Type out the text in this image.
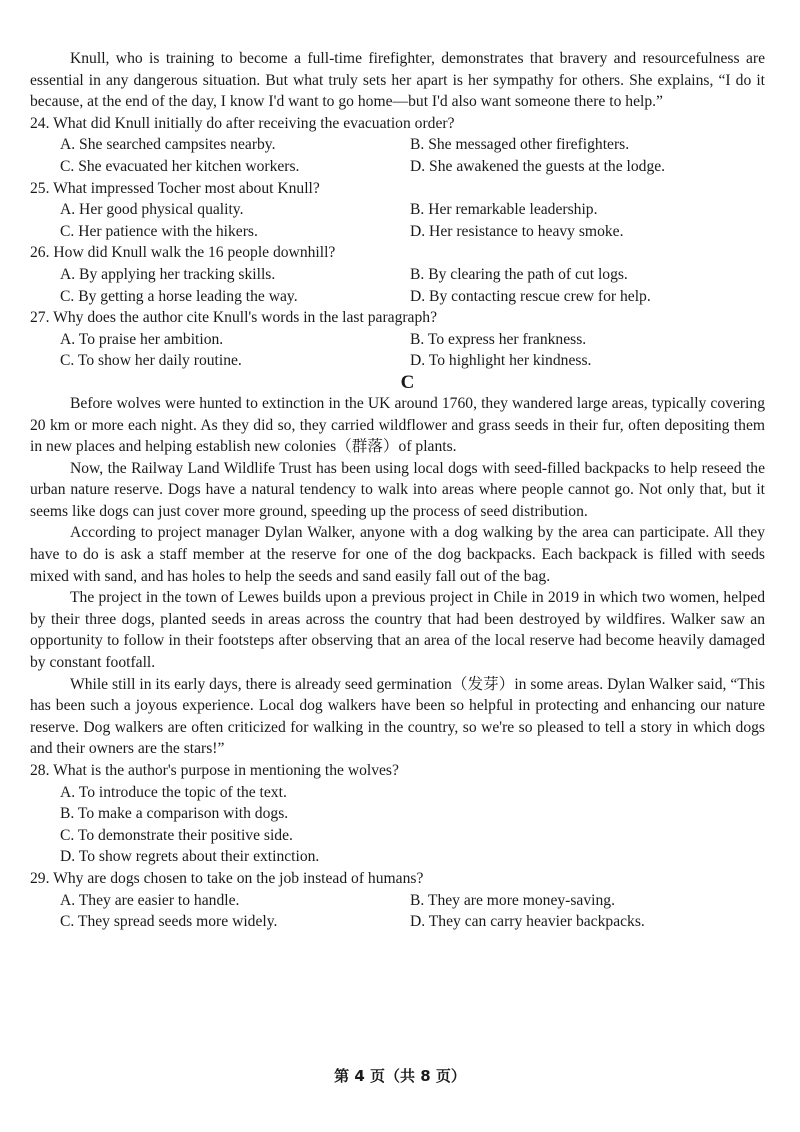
Knull, who is training to become a full-time firefighter, demonstrates that bravery and resourcefulness are essential in any dangerous situation. But what truly sets her apart is her sympathy for others. She explains, “I do it because, at the end of the day, I know I'd want to go home—but I'd also want someone there to help.”

24. What did Knull initially do after receiving the evacuation order?
A. She searched campsites nearby.	B. She messaged other firefighters.
C. She evacuated her kitchen workers.	D. She awakened the guests at the lodge.
25. What impressed Tocher most about Knull?
A. Her good physical quality.	B. Her remarkable leadership.
C. Her patience with the hikers.	D. Her resistance to heavy smoke.
26. How did Knull walk the 16 people downhill?
A. By applying her tracking skills.	B. By clearing the path of cut logs.
C. By getting a horse leading the way.	D. By contacting rescue crew for help.
27. Why does the author cite Knull's words in the last paragraph?
A. To praise her ambition.	B. To express her frankness.
C. To show her daily routine.	D. To highlight her kindness.
C

Before wolves were hunted to extinction in the UK around 1760, they wandered large areas, typically covering 20 km or more each night. As they did so, they carried wildflower and grass seeds in their fur, often depositing them in new places and helping establish new colonies（群落）of plants.

Now, the Railway Land Wildlife Trust has been using local dogs with seed-filled backpacks to help reseed the urban nature reserve. Dogs have a natural tendency to walk into areas where people cannot go. Not only that, but it seems like dogs can just cover more ground, speeding up the process of seed distribution.

According to project manager Dylan Walker, anyone with a dog walking by the area can participate. All they have to do is ask a staff member at the reserve for one of the dog backpacks. Each backpack is filled with seeds mixed with sand, and has holes to help the seeds and sand easily fall out of the bag.

The project in the town of Lewes builds upon a previous project in Chile in 2019 in which two women, helped by their three dogs, planted seeds in areas across the country that had been destroyed by wildfires. Walker saw an opportunity to follow in their footsteps after observing that an area of the local reserve had become heavily damaged by constant footfall.

While still in its early days, there is already seed germination（发芽）in some areas. Dylan Walker said, “This has been such a joyous experience. Local dog walkers have been so helpful in protecting and enhancing our nature reserve. Dog walkers are often criticized for walking in the country, so we're so pleased to tell a story in which dogs and their owners are the stars!”

28. What is the author's purpose in mentioning the wolves?
A. To introduce the topic of the text.
B. To make a comparison with dogs.
C. To demonstrate their positive side.
D. To show regrets about their extinction.
29. Why are dogs chosen to take on the job instead of humans?
A. They are easier to handle.	B. They are more money-saving.
C. They spread seeds more widely.	D. They can carry heavier backpacks.
第 4 页（共 8 页）
